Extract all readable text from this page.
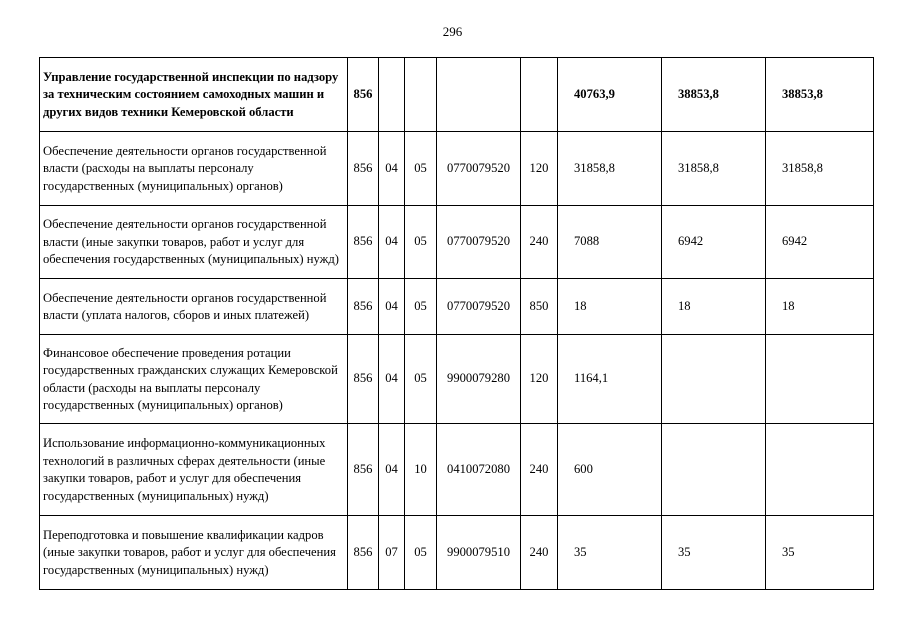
296
Управление государственной инспекции по надзору за техническим состоянием самоходных машин и других видов техники Кемеровской области	856					40763,9	38853,8	38853,8
Обеспечение деятельности органов государственной власти (расходы на выплаты персоналу государственных (муниципальных) органов)	856	04	05	0770079520	120	31858,8	31858,8	31858,8
Обеспечение деятельности органов государственной власти (иные закупки товаров, работ и услуг для обеспечения государственных (муниципальных) нужд)	856	04	05	0770079520	240	7088	6942	6942
Обеспечение деятельности органов государственной власти (уплата налогов, сборов и иных платежей)	856	04	05	0770079520	850	18	18	18
Финансовое обеспечение проведения ротации государственных гражданских служащих Кемеровской области (расходы на выплаты персоналу государственных (муниципальных) органов)	856	04	05	9900079280	120	1164,1		
Использование информационно-коммуникационных технологий в различных сферах деятельности (иные закупки товаров, работ и услуг для обеспечения государственных (муниципальных) нужд)	856	04	10	0410072080	240	600		
Переподготовка и повышение квалификации кадров (иные закупки товаров, работ и услуг для обеспечения государственных (муниципальных) нужд)	856	07	05	9900079510	240	35	35	35
